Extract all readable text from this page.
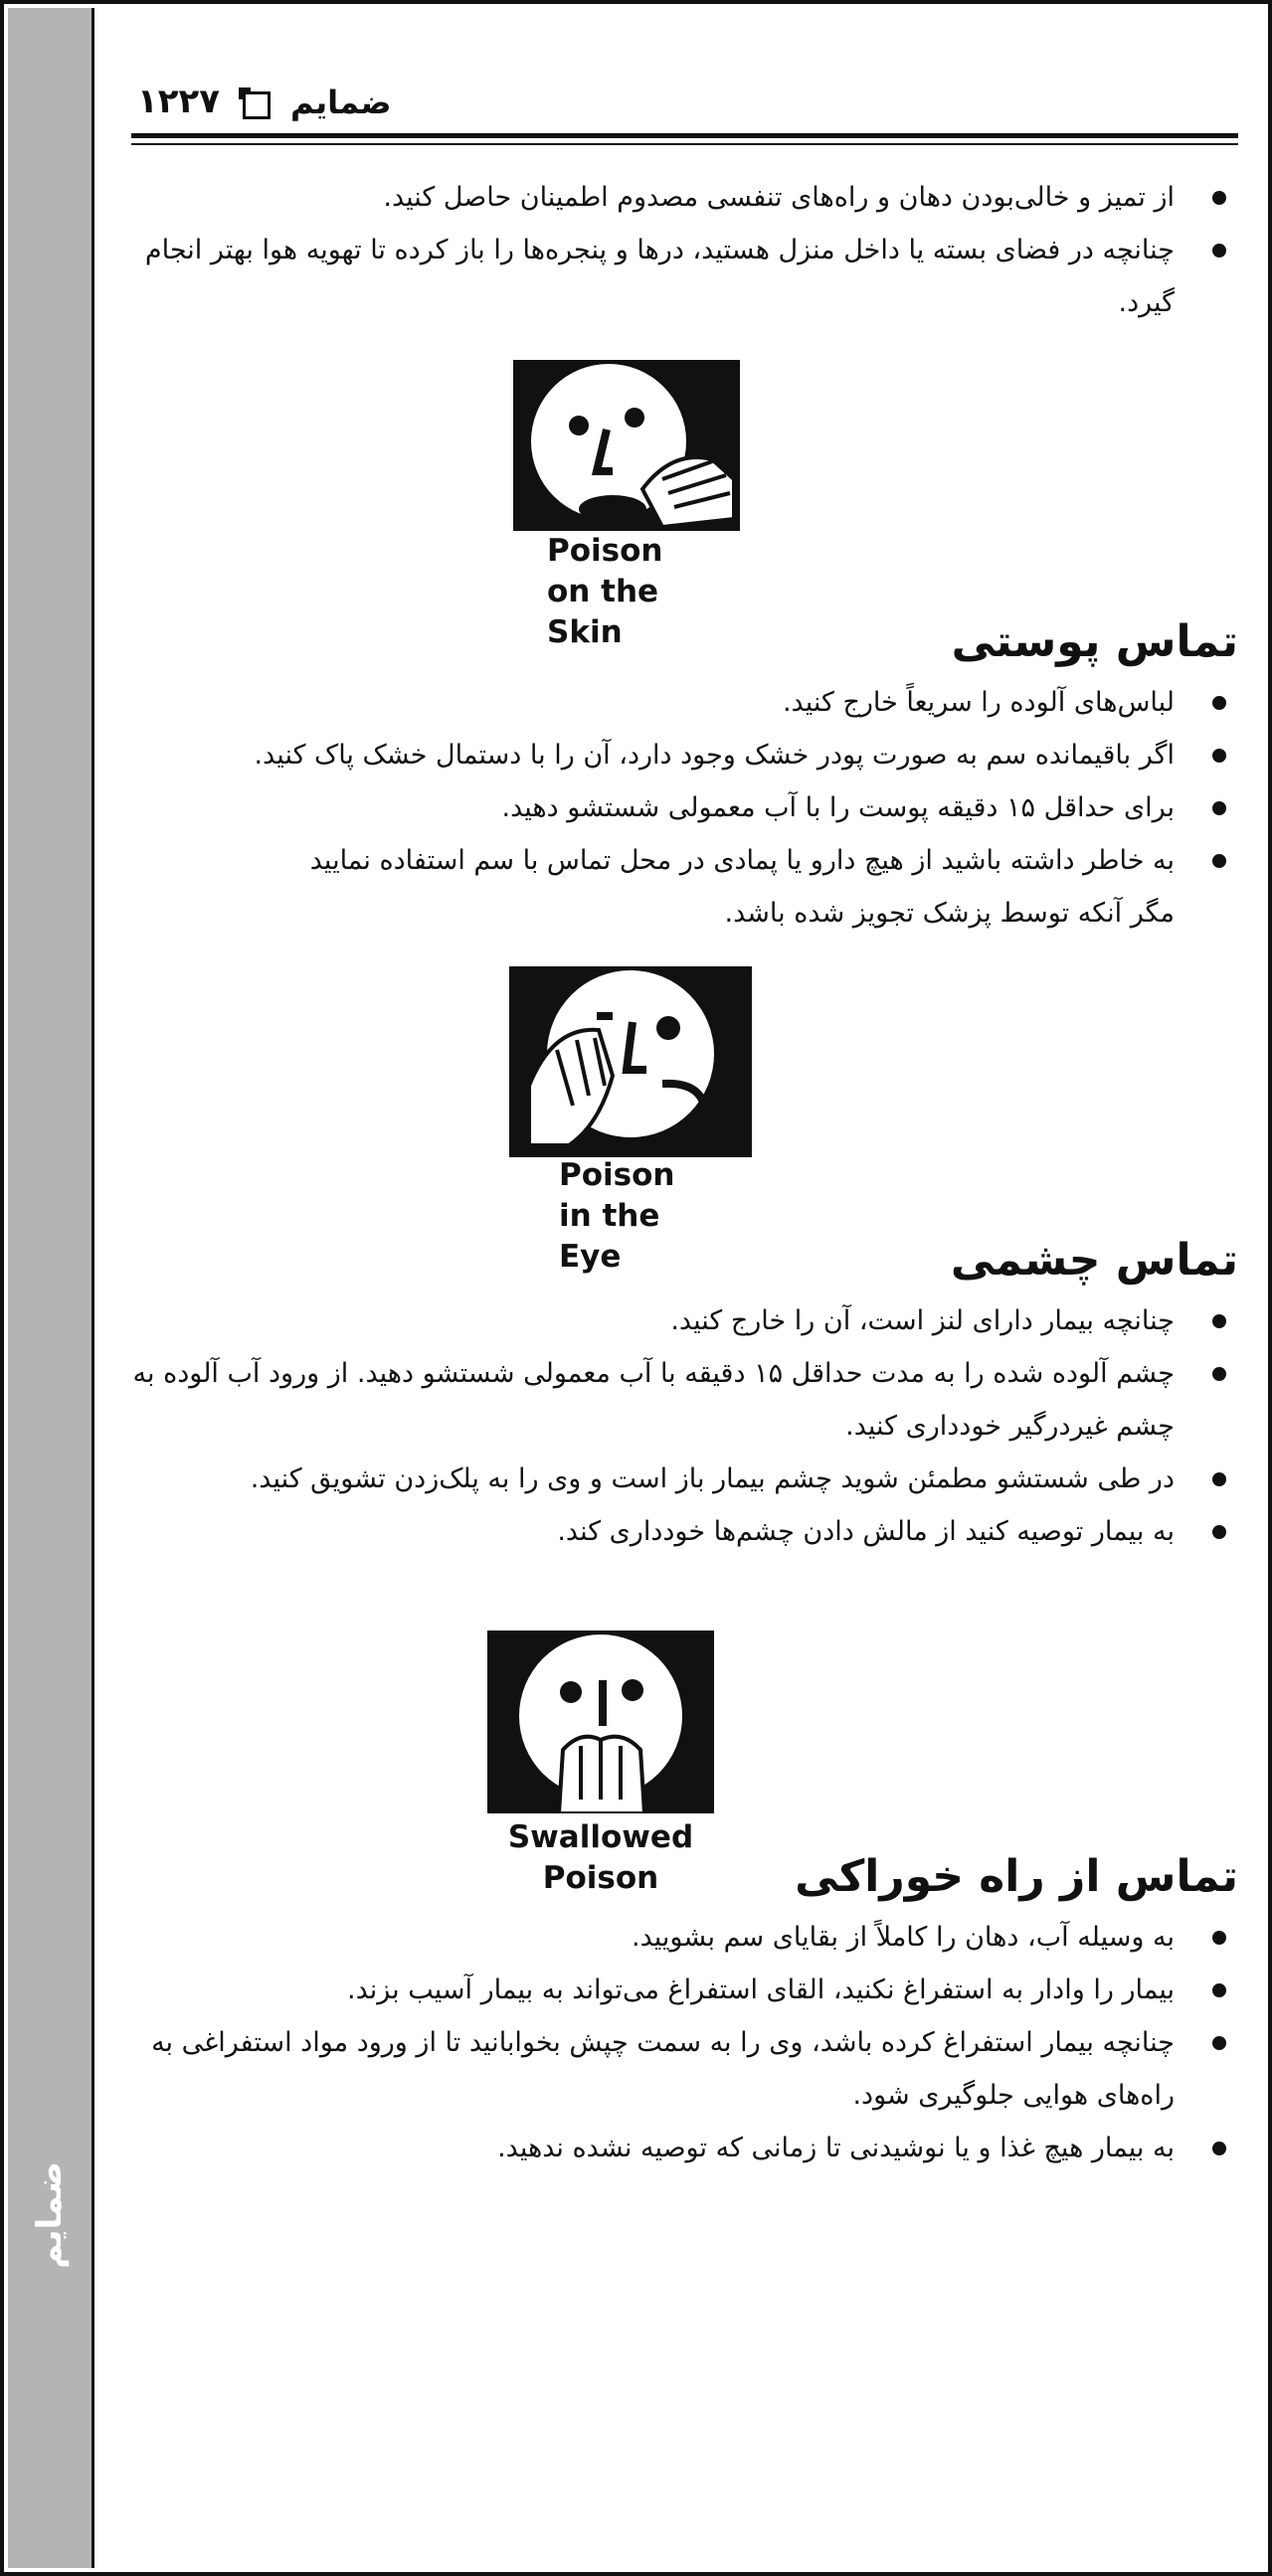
ضمایم
۱۲۲۷ ضمایم
از تمیز و خالی‌بودن دهان و راه‌های تنفسی مصدوم اطمینان حاصل کنید.
چنانچه در فضای بسته یا داخل منزل هستید، درها و پنجره‌ها را باز کرده تا تهویه هوا بهتر انجام گیرد.
Poison
on the
Skin	تماس پوستی
لباس‌های آلوده را سریعاً خارج کنید.
اگر باقیمانده سم به صورت پودر خشک وجود دارد، آن را با دستمال خشک پاک کنید.
برای حداقل ۱۵ دقیقه پوست را با آب معمولی شستشو دهید.
به خاطر داشته باشید از هیچ دارو یا پمادی در محل تماس با سم استفاده نمایید
مگر آنکه توسط پزشک تجویز شده باشد.
Poison
in the
Eye	تماس چشمی
چنانچه بیمار دارای لنز است، آن را خارج کنید.
چشم آلوده شده را به مدت حداقل ۱۵ دقیقه با آب معمولی شستشو دهید. از ورود آب آلوده به چشم غیردرگیر خودداری کنید.
در طی شستشو مطمئن شوید چشم بیمار باز است و وی را به پلک‌زدن تشویق کنید.
به بیمار توصیه کنید از مالش دادن چشم‌ها خودداری کند.
Swallowed
Poison	تماس از راه خوراکی
به وسیله آب، دهان را کاملاً از بقایای سم بشویید.
بیمار را وادار به استفراغ نکنید، القای استفراغ می‌تواند به بیمار آسیب بزند.
چنانچه بیمار استفراغ کرده باشد، وی را به سمت چپش بخوابانید تا از ورود مواد استفراغی به راه‌های هوایی جلوگیری شود.
به بیمار هیچ غذا و یا نوشیدنی تا زمانی که توصیه نشده ندهید.
